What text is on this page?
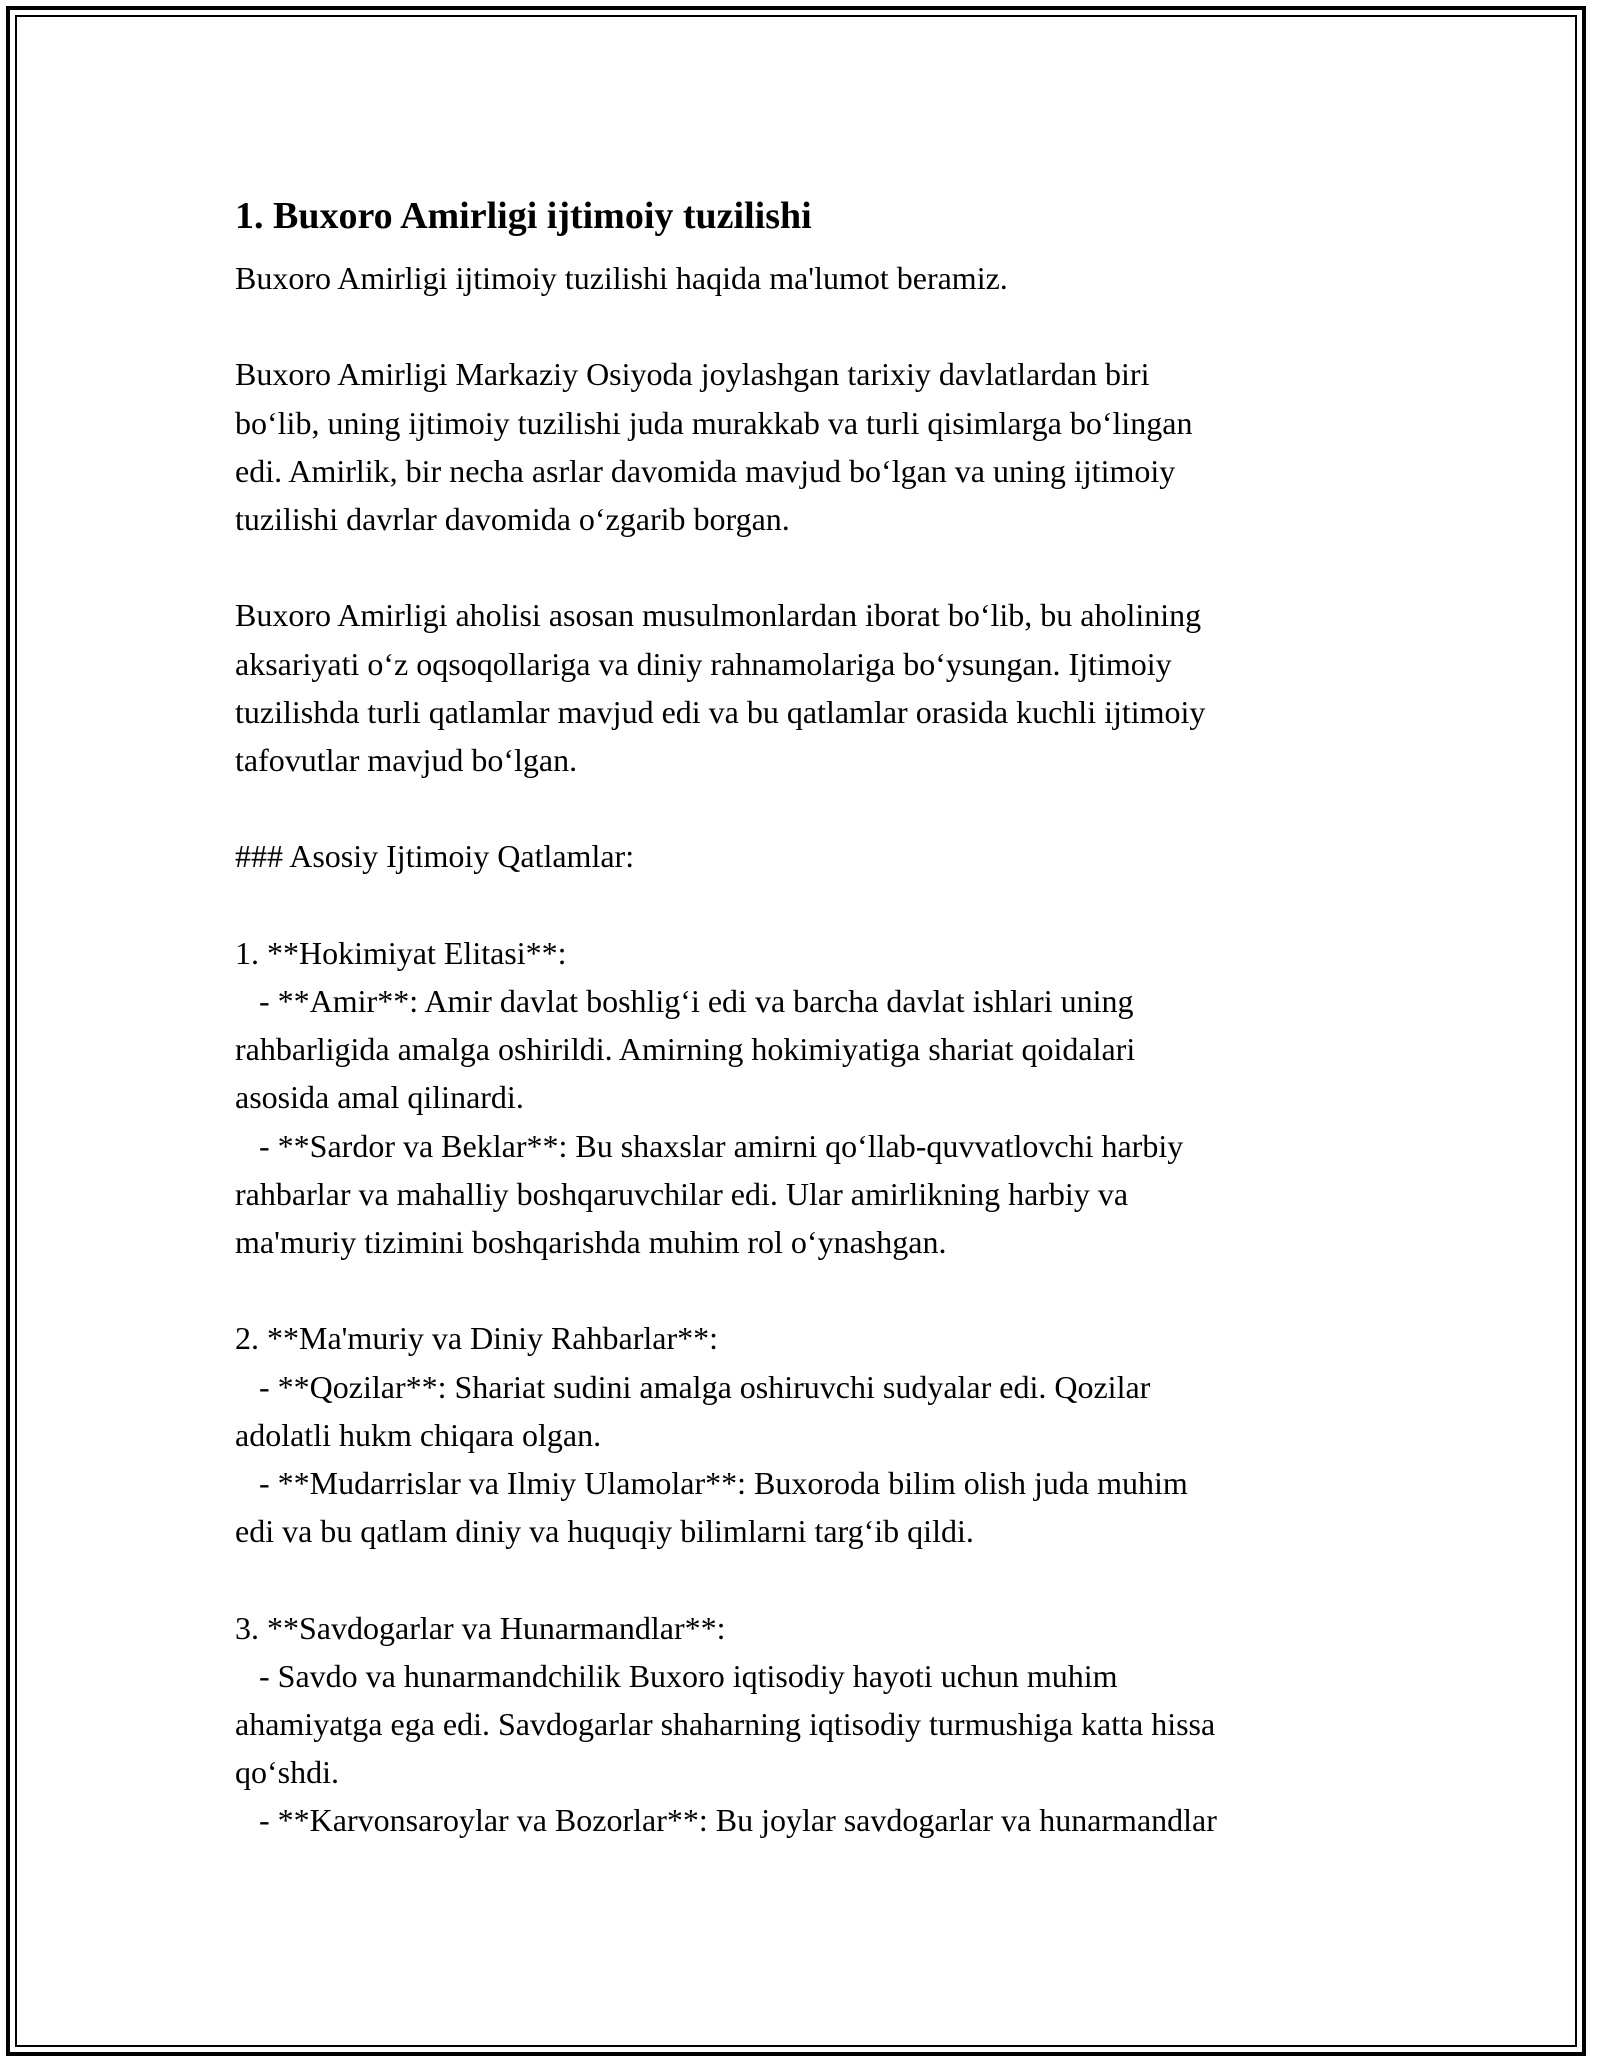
1. Buxoro Amirligi ijtimoiy tuzilishi
Buxoro Amirligi ijtimoiy tuzilishi haqida ma'lumot beramiz.
Buxoro Amirligi Markaziy Osiyoda joylashgan tarixiy davlatlardan biri
bo‘lib, uning ijtimoiy tuzilishi juda murakkab va turli qisimlarga bo‘lingan
edi. Amirlik, bir necha asrlar davomida mavjud bo‘lgan va uning ijtimoiy
tuzilishi davrlar davomida o‘zgarib borgan.
Buxoro Amirligi aholisi asosan musulmonlardan iborat bo‘lib, bu aholining
aksariyati o‘z oqsoqollariga va diniy rahnamolariga bo‘ysungan. Ijtimoiy
tuzilishda turli qatlamlar mavjud edi va bu qatlamlar orasida kuchli ijtimoiy
tafovutlar mavjud bo‘lgan.
### Asosiy Ijtimoiy Qatlamlar:
1. **Hokimiyat Elitasi**:
- **Amir**: Amir davlat boshlig‘i edi va barcha davlat ishlari uning
rahbarligida amalga oshirildi. Amirning hokimiyatiga shariat qoidalari
asosida amal qilinardi.
- **Sardor va Beklar**: Bu shaxslar amirni qo‘llab-quvvatlovchi harbiy
rahbarlar va mahalliy boshqaruvchilar edi. Ular amirlikning harbiy va
ma'muriy tizimini boshqarishda muhim rol o‘ynashgan.
2. **Ma'muriy va Diniy Rahbarlar**:
- **Qozilar**: Shariat sudini amalga oshiruvchi sudyalar edi. Qozilar
adolatli hukm chiqara olgan.
- **Mudarrislar va Ilmiy Ulamolar**: Buxoroda bilim olish juda muhim
edi va bu qatlam diniy va huquqiy bilimlarni targ‘ib qildi.
3. **Savdogarlar va Hunarmandlar**:
- Savdo va hunarmandchilik Buxoro iqtisodiy hayoti uchun muhim
ahamiyatga ega edi. Savdogarlar shaharning iqtisodiy turmushiga katta hissa
qo‘shdi.
- **Karvonsaroylar va Bozorlar**: Bu joylar savdogarlar va hunarmandlar
